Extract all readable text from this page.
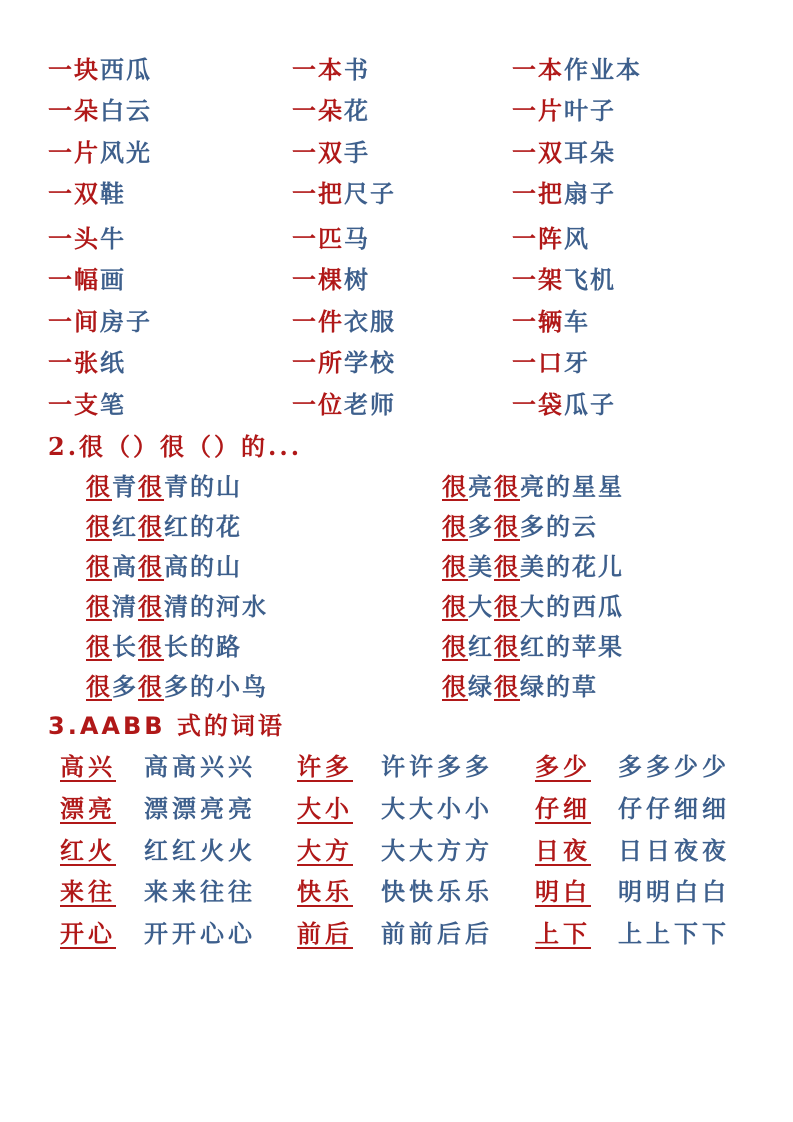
一块西瓜	一本书	一本作业本
一朵白云	一朵花	一片叶子
一片风光	一双手	一双耳朵
一双鞋	一把尺子	一把扇子
一头牛	一匹马	一阵风
一幅画	一棵树	一架飞机
一间房子	一件衣服	一辆车
一张纸	一所学校	一口牙
一支笔	一位老师	一袋瓜子
2.很（）很（）的...
很青很青的山	很亮很亮的星星
很红很红的花	很多很多的云
很高很高的山	很美很美的花儿
很清很清的河水	很大很大的西瓜
很长很长的路	很红很红的苹果
很多很多的小鸟	很绿很绿的草
3.AABB 式的词语
高兴 高高兴兴 许多 许许多多 多少 多多少少
漂亮 漂漂亮亮 大小 大大小小 仔细 仔仔细细
红火 红红火火 大方 大大方方 日夜 日日夜夜
来往 来来往往 快乐 快快乐乐 明白 明明白白
开心 开开心心 前后 前前后后 上下 上上下下
